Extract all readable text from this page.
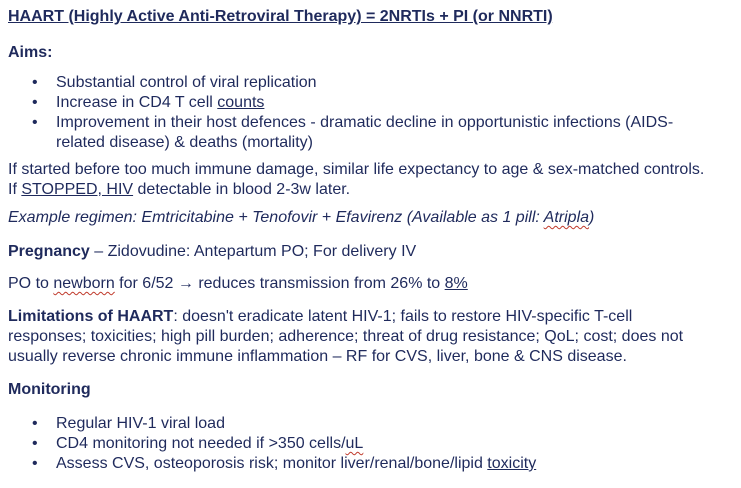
HAART (Highly Active Anti-Retroviral Therapy) = 2NRTIs + PI (or NNRTI)
Aims:
• Substantial control of viral replication
• Increase in CD4 T cell counts
• Improvement in their host defences - dramatic decline in opportunistic infections (AIDS-related disease) & deaths (mortality)
If started before too much immune damage, similar life expectancy to age & sex-matched controls.
If STOPPED, HIV detectable in blood 2-3w later.
Example regimen: Emtricitabine + Tenofovir + Efavirenz (Available as 1 pill: Atripla)
Pregnancy – Zidovudine: Antepartum PO; For delivery IV
PO to newborn for 6/52 → reduces transmission from 26% to 8%
Limitations of HAART: doesn't eradicate latent HIV-1; fails to restore HIV-specific T-cell
responses; toxicities; high pill burden; adherence; threat of drug resistance; QoL; cost; does not
usually reverse chronic immune inflammation – RF for CVS, liver, bone & CNS disease.
Monitoring
• Regular HIV-1 viral load
• CD4 monitoring not needed if >350 cells/uL
• Assess CVS, osteoporosis risk; monitor liver/renal/bone/lipid toxicity
